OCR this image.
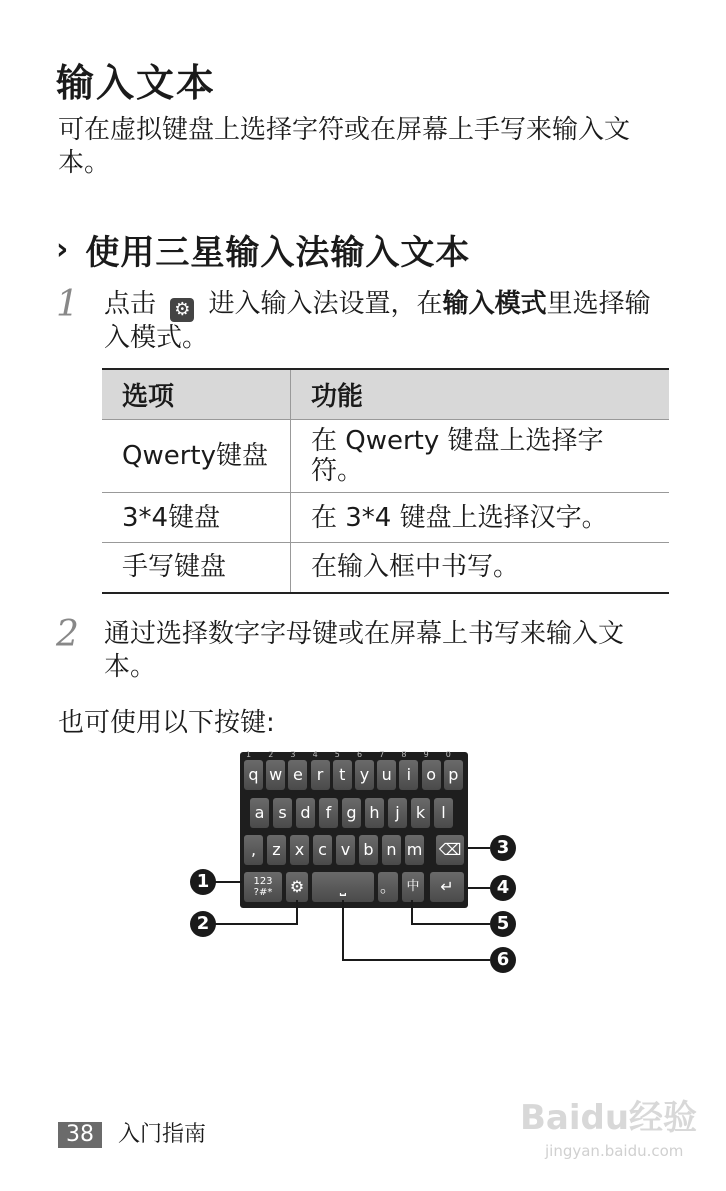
输入文本
可在虚拟键盘上选择字符或在屏幕上手写来输入文本。
› 使用三星输入法输入文本
1 点击 ⚙ 进入输入法设置，在输入模式里选择输入模式。
选项	功能
Qwerty键盘	在 Qwerty 键盘上选择字符。
3*4键盘	在 3*4 键盘上选择汉字。
手写键盘	在输入框中书写。
2 通过选择数字字母键或在屏幕上书写来输入文本。
也可使用以下按键:
123
?#*	⚙	⎵	。 中	↵
1
q
2
w
3
e
4
r
5
t
6
y
7
u
8
i
9
o
0
p
a s d f g h j	k	l
,	z x c v b n m ⌫
1
2
3
4
5
6
38	入门指南	Baidu经验
jingyan.baidu.com
